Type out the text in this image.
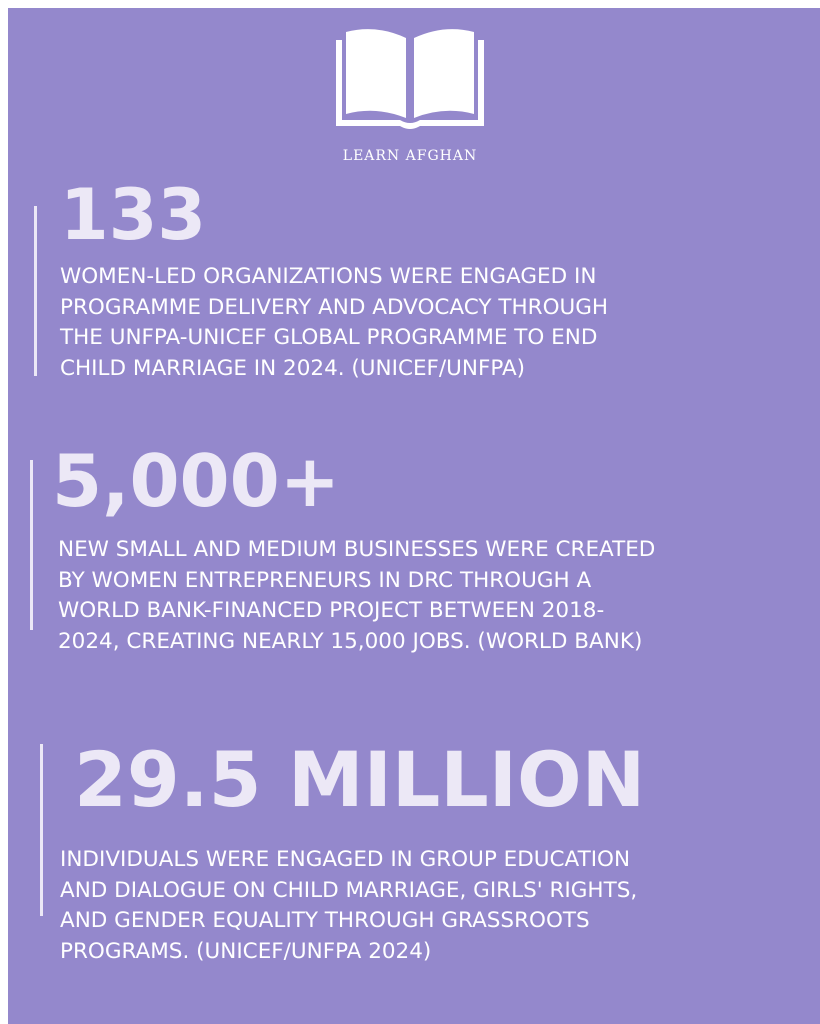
LEARN AFGHAN
133
WOMEN-LED ORGANIZATIONS WERE ENGAGED IN
PROGRAMME DELIVERY AND ADVOCACY THROUGH
THE UNFPA-UNICEF GLOBAL PROGRAMME TO END
CHILD MARRIAGE IN 2024. (UNICEF/UNFPA)
5,000+
NEW SMALL AND MEDIUM BUSINESSES WERE CREATED
BY WOMEN ENTREPRENEURS IN DRC THROUGH A
WORLD BANK-FINANCED PROJECT BETWEEN 2018-
2024, CREATING NEARLY 15,000 JOBS. (WORLD BANK)
29.5 MILLION
INDIVIDUALS WERE ENGAGED IN GROUP EDUCATION
AND DIALOGUE ON CHILD MARRIAGE, GIRLS' RIGHTS,
AND GENDER EQUALITY THROUGH GRASSROOTS
PROGRAMS. (UNICEF/UNFPA 2024)
